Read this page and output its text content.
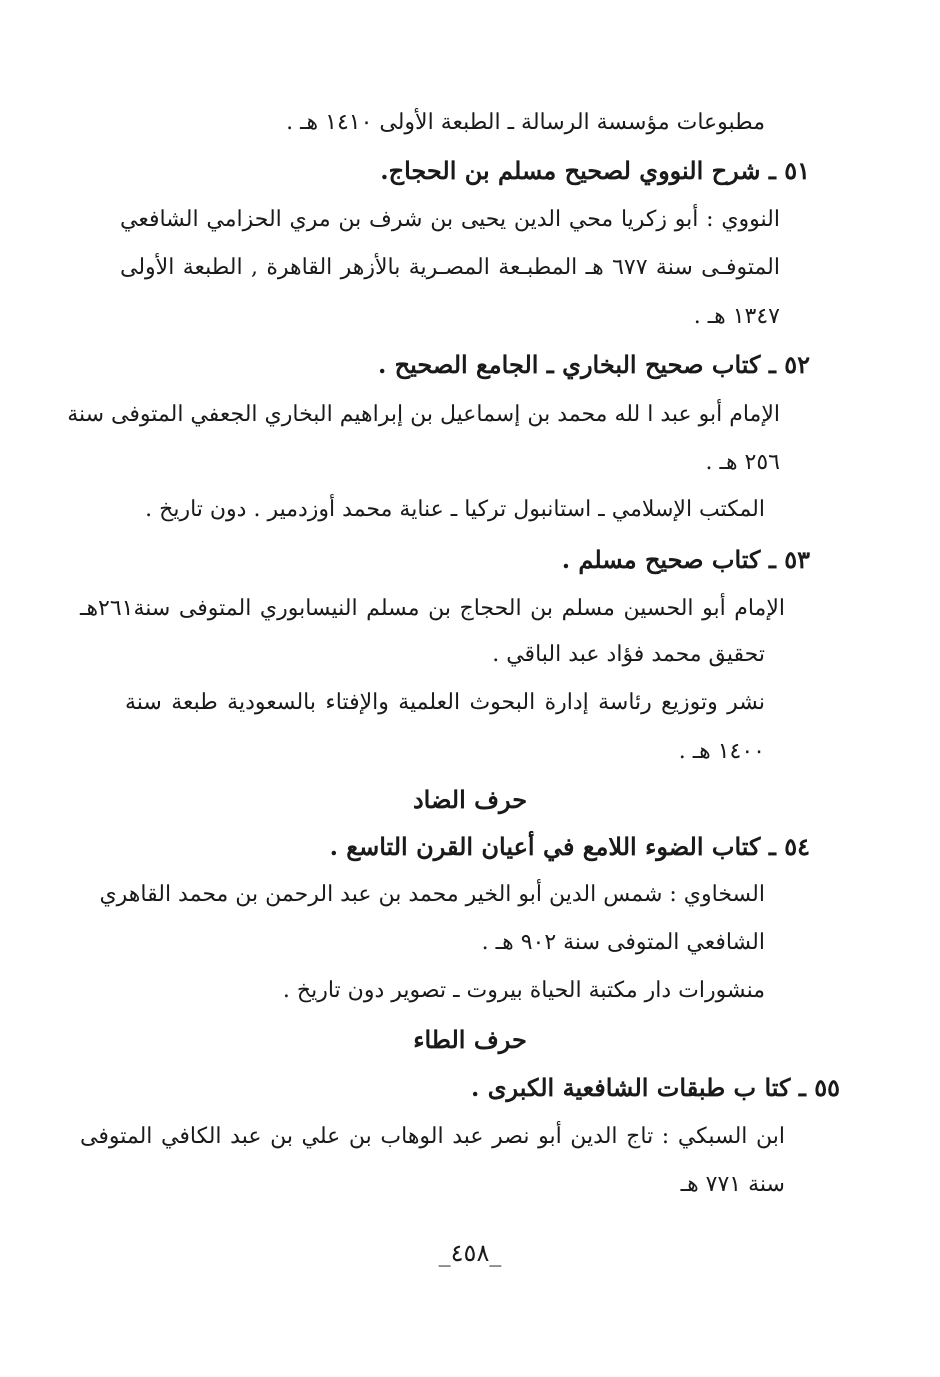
مطبوعات مؤسسة الرسالة ـ الطبعة الأولى ١٤١٠ هـ .
٥١ ـ شرح النووي لصحيح مسلم بن الحجاج.
النووي : أبو زكريا محي الدين يحيى بن شرف بن مري الحزامي الشافعي
المتوفـى سنة ٦٧٧ هـ المطبـعة المصـرية بالأزهر القاهرة , الطبعة الأولى
١٣٤٧ هـ .
٥٢ ـ كتاب صحيح البخاري ـ الجامع الصحيح .
الإمام أبو عبد ا لله محمد بن إسماعيل بن إبراهيم البخاري الجعفي المتوفى سنة
٢٥٦ هـ .
المكتب الإسلامي ـ استانبول تركيا ـ عناية محمد أوزدمير . دون تاريخ .
٥٣ ـ كتاب صحيح مسلم .
الإمام أبو الحسين مسلم بن الحجاج بن مسلم النيسابوري المتوفى سنة٢٦١هـ
تحقيق محمد فؤاد عبد الباقي .
نشر وتوزيع رئاسة إدارة البحوث العلمية والإفتاء بالسعودية طبعة سنة
١٤٠٠ هـ .
حرف الضاد
٥٤ ـ كتاب الضوء اللامع في أعيان القرن التاسع .
السخاوي : شمس الدين أبو الخير محمد بن عبد الرحمن بن محمد القاهري
الشافعي المتوفى سنة ٩٠٢ هـ .
منشورات دار مكتبة الحياة بيروت ـ تصوير دون تاريخ .
حرف الطاء
٥٥ ـ كتا ب طبقات الشافعية الكبرى .
ابن السبكي : تاج الدين أبو نصر عبد الوهاب بن علي بن عبد الكافي المتوفى
سنة ٧٧١ هـ
_٤٥٨_
